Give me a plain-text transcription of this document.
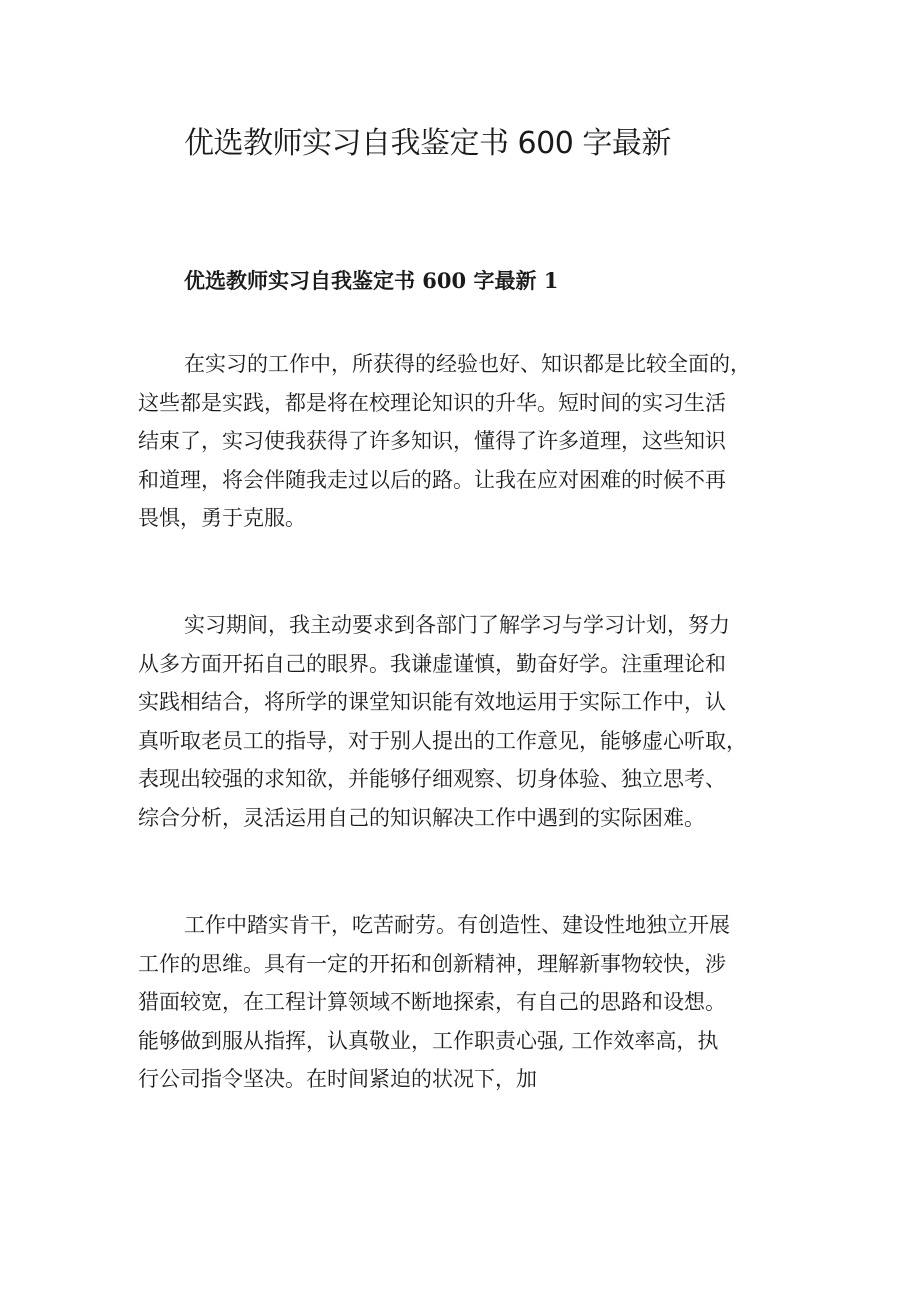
优选教师实习自我鉴定书 600 字最新
优选教师实习自我鉴定书 600 字最新 1

在实习的工作中，所获得的经验也好、知识都是比较全面的，
这些都是实践，都是将在校理论知识的升华。短时间的实习生活
结束了，实习使我获得了许多知识，懂得了许多道理，这些知识
和道理，将会伴随我走过以后的路。让我在应对困难的时候不再
畏惧，勇于克服。

实习期间，我主动要求到各部门了解学习与学习计划，努力
从多方面开拓自己的眼界。我谦虚谨慎，勤奋好学。注重理论和
实践相结合，将所学的课堂知识能有效地运用于实际工作中，认
真听取老员工的指导，对于别人提出的工作意见，能够虚心听取，
表现出较强的求知欲，并能够仔细观察、切身体验、独立思考、
综合分析，灵活运用自己的知识解决工作中遇到的实际困难。

工作中踏实肯干，吃苦耐劳。有创造性、建设性地独立开展
工作的思维。具有一定的开拓和创新精神，理解新事物较快，涉
猎面较宽，在工程计算领域不断地探索，有自己的思路和设想。
能够做到服从指挥，认真敬业，工作职责心强, 工作效率高，执
行公司指令坚决。在时间紧迫的状况下，加
